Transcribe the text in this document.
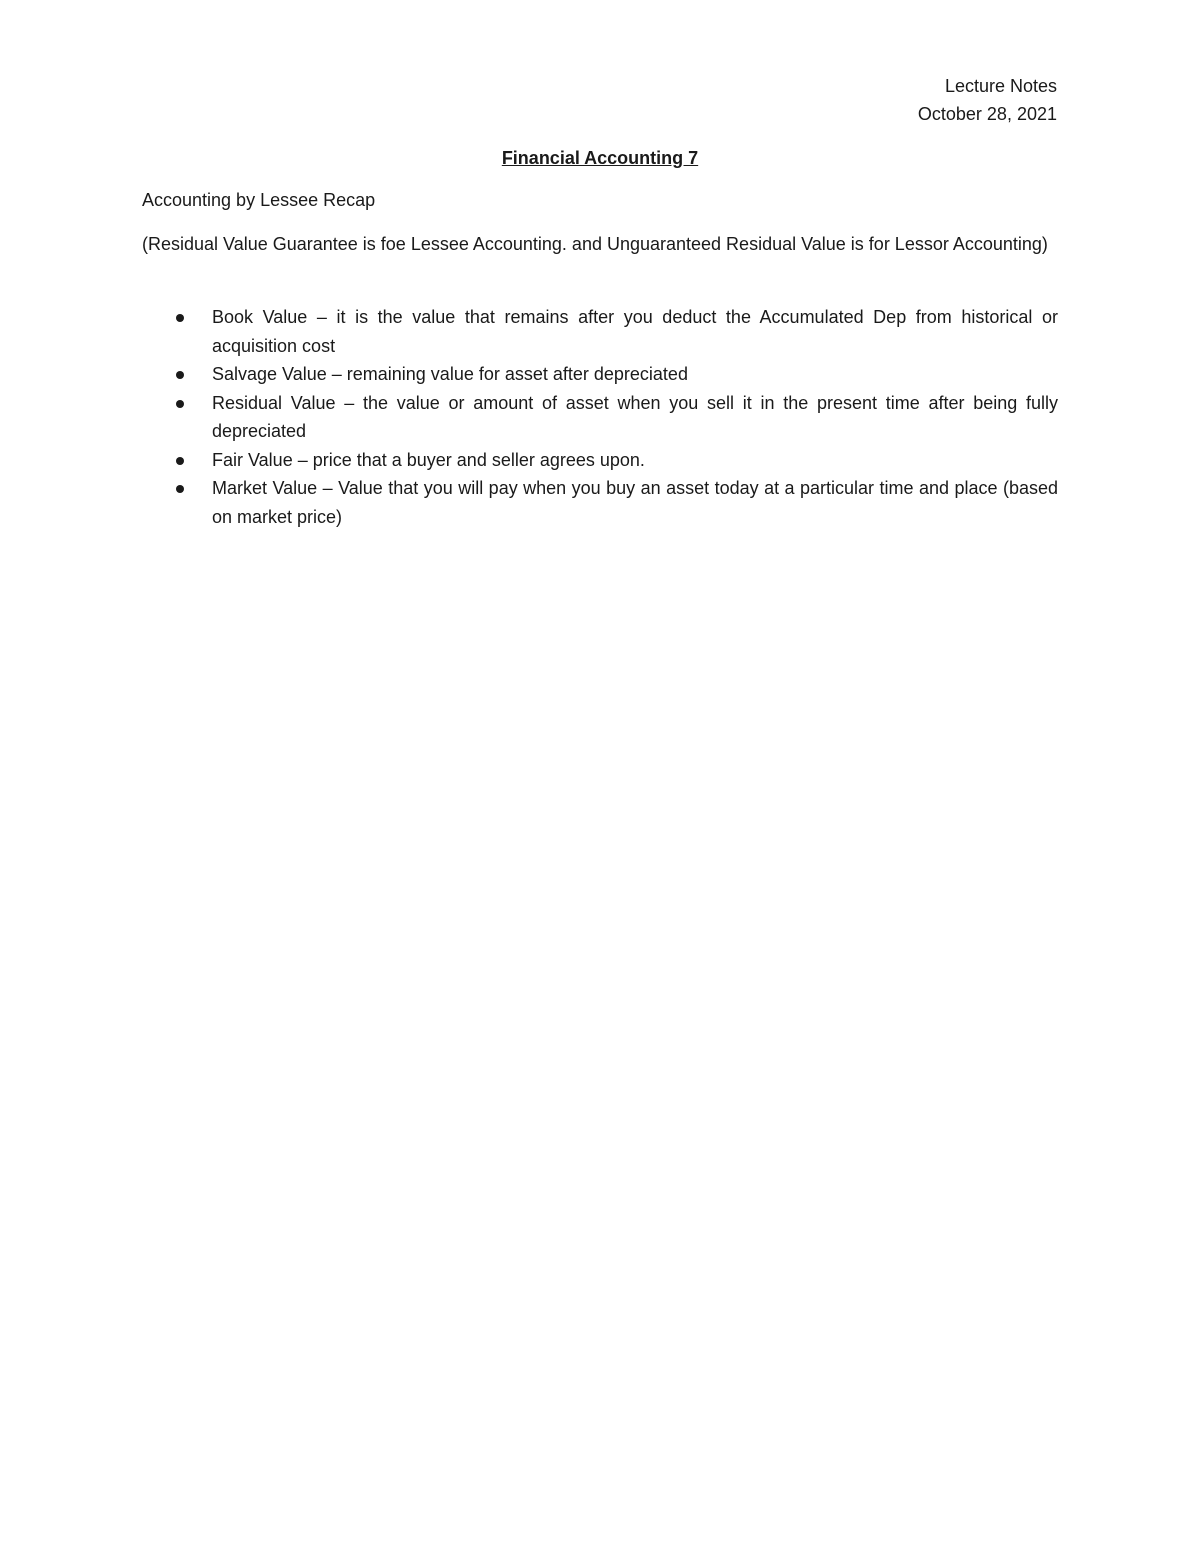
Lecture Notes
October 28, 2021
Financial Accounting 7
Accounting by Lessee Recap
(Residual Value Guarantee is foe Lessee Accounting. and Unguaranteed Residual Value is for Lessor Accounting)
Book Value – it is the value that remains after you deduct the Accumulated Dep from historical or acquisition cost
Salvage Value – remaining value for asset after depreciated
Residual Value – the value or amount of asset when you sell it in the present time after being fully depreciated
Fair Value – price that a buyer and seller agrees upon.
Market Value – Value that you will pay when you buy an asset today at a particular time and place (based on market price)
